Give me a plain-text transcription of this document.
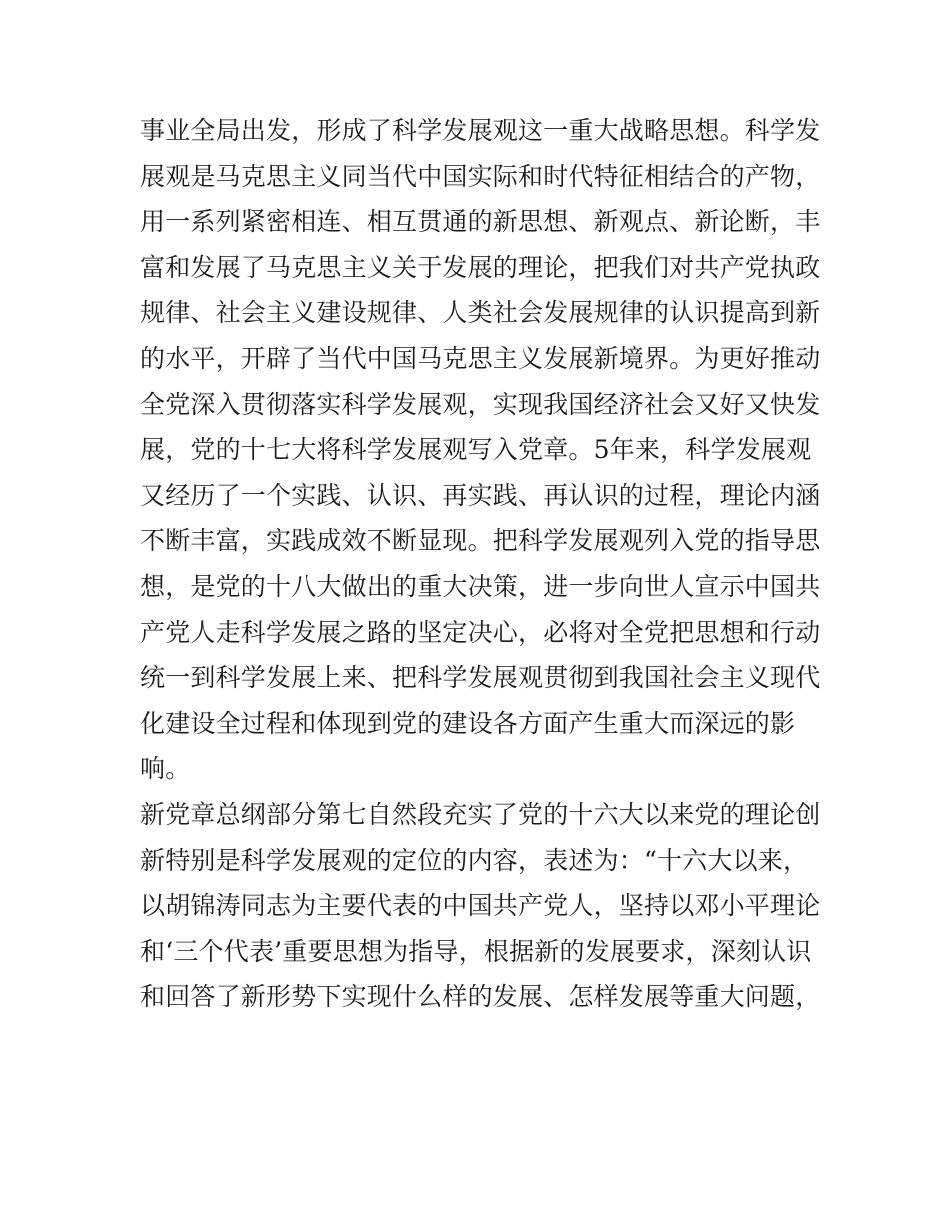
事业全局出发，形成了科学发展观这一重大战略思想。科学发
展观是马克思主义同当代中国实际和时代特征相结合的产物，
用一系列紧密相连、相互贯通的新思想、新观点、新论断，丰
富和发展了马克思主义关于发展的理论，把我们对共产党执政
规律、社会主义建设规律、人类社会发展规律的认识提高到新
的水平，开辟了当代中国马克思主义发展新境界。为更好推动
全党深入贯彻落实科学发展观，实现我国经济社会又好又快发
展，党的十七大将科学发展观写入党章。5年来，科学发展观
又经历了一个实践、认识、再实践、再认识的过程，理论内涵
不断丰富，实践成效不断显现。把科学发展观列入党的指导思
想，是党的十八大做出的重大决策，进一步向世人宣示中国共
产党人走科学发展之路的坚定决心，必将对全党把思想和行动
统一到科学发展上来、把科学发展观贯彻到我国社会主义现代
化建设全过程和体现到党的建设各方面产生重大而深远的影
响。
新党章总纲部分第七自然段充实了党的十六大以来党的理论创
新特别是科学发展观的定位的内容，表述为：“十六大以来，
以胡锦涛同志为主要代表的中国共产党人，坚持以邓小平理论
和‘三个代表’重要思想为指导，根据新的发展要求，深刻认识
和回答了新形势下实现什么样的发展、怎样发展等重大问题，
